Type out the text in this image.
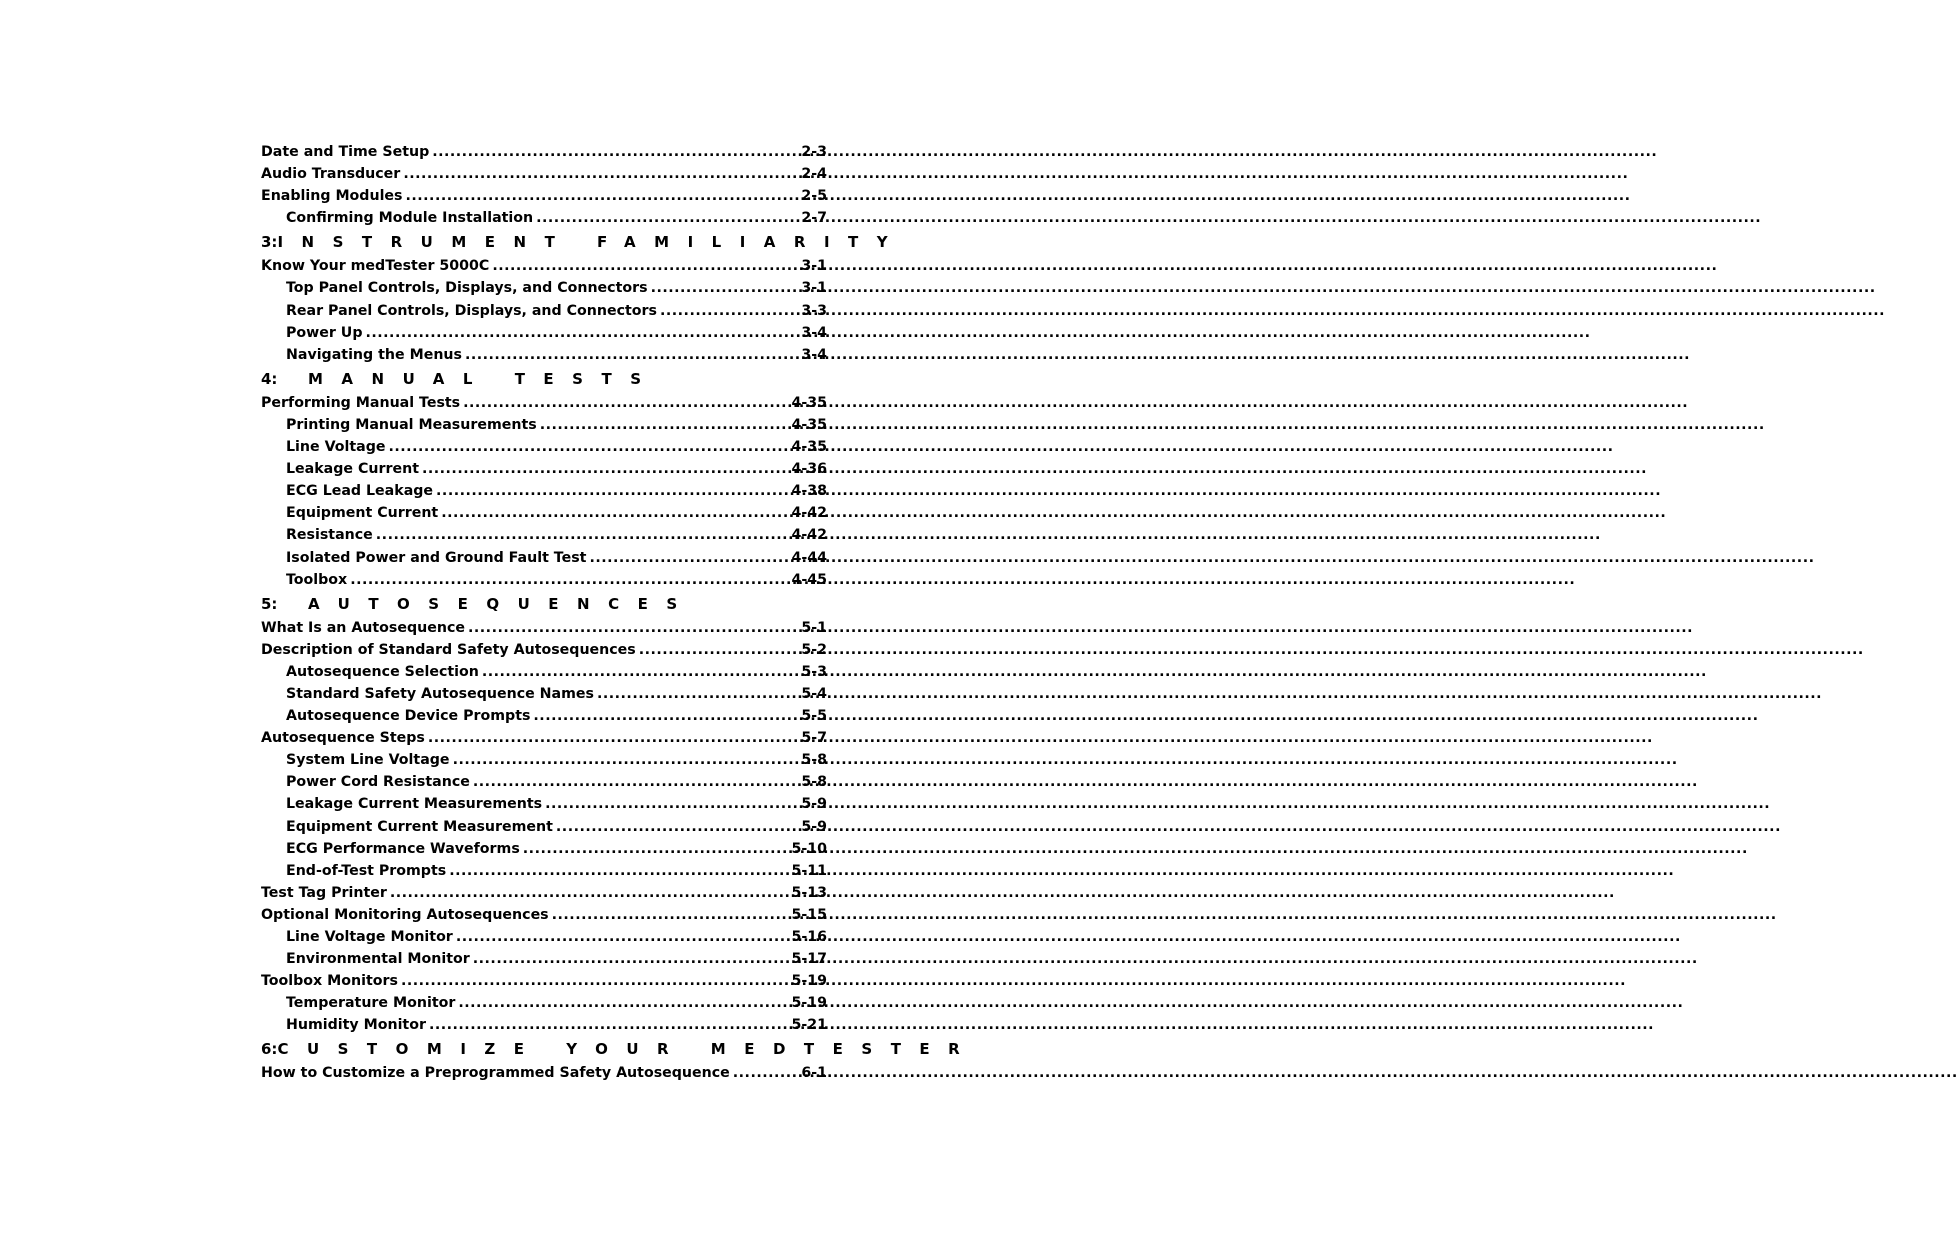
Date and Time Setup .....	2-3
Audio Transducer .....	2-4
Enabling Modules .....	2-5
Confirming Module Installation .....	2-7
3: INSTRUMENT FAMILIARITY
Know Your medTester 5000C .....	3-1
Top Panel Controls, Displays, and Connectors .....	3-1
Rear Panel Controls, Displays, and Connectors .....	3-3
Power Up .....	3-4
Navigating the Menus .....	3-4
4:	MANUAL TESTS
Performing Manual Tests .....	4-35
Printing Manual Measurements .....	4-35
Line Voltage .....	4-35
Leakage Current .....	4-36
ECG Lead Leakage .....	4-38
Equipment Current .....	4-42
Resistance .....	4-42
Isolated Power and Ground Fault Test .....	4-44
Toolbox .....	4-45
5:	AUTOSEQUENCES
What Is an Autosequence .....	5-1
Description of Standard Safety Autosequences .....	5-2
Autosequence Selection .....	5-3
Standard Safety Autosequence Names .....	5-4
Autosequence Device Prompts .....	5-5
Autosequence Steps .....	5-7
System Line Voltage .....	5-8
Power Cord Resistance .....	5-8
Leakage Current Measurements .....	5-9
Equipment Current Measurement .....	5-9
ECG Performance Waveforms .....	5-10
End-of-Test Prompts .....	5-11
Test Tag Printer .....	5-13
Optional Monitoring Autosequences .....	5-15
Line Voltage Monitor .....	5-16
Environmental Monitor .....	5-17
Toolbox Monitors .....	5-19
Temperature Monitor .....	5-19
Humidity Monitor .....	5-21
6: CUSTOMIZE YOUR MEDTESTER
How to Customize a Preprogrammed Safety Autosequence .....	6-1
